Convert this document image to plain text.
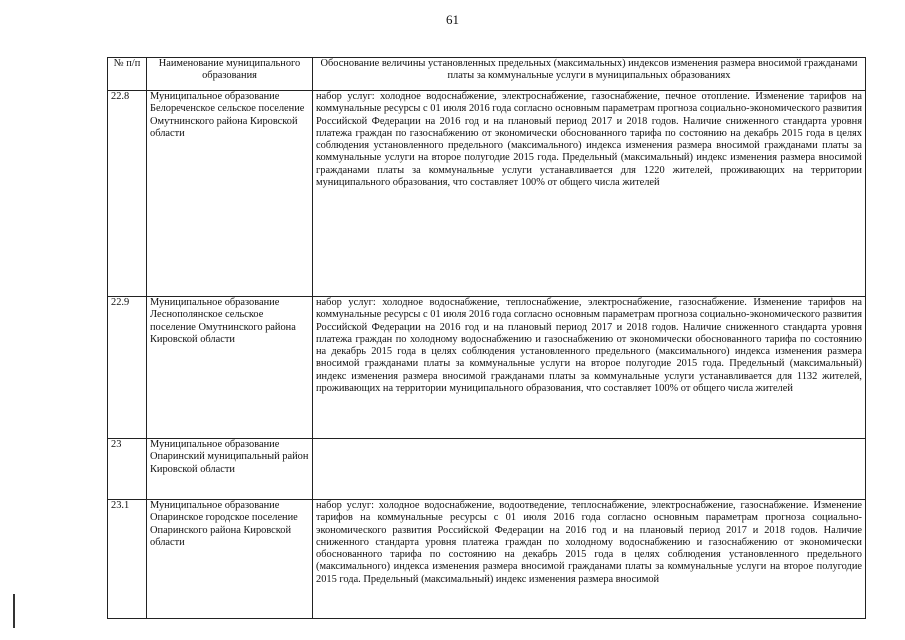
61
№ п/п	Наименование муниципального образования	Обоснование величины установленных предельных (максимальных) индексов изменения размера вносимой гражданами платы за коммунальные услуги в муниципальных образованиях
22.8	Муниципальное образование Белореченское сельское поселение Омутнинского района Кировской области	набор услуг: холодное водоснабжение, электроснабжение, газоснабжение, печное отопление. Изменение тарифов на коммунальные ресурсы с 01 июля 2016 года согласно основным параметрам прогноза социально-экономического развития Российской Федерации на 2016 год и на плановый период 2017 и 2018 годов. Наличие сниженного стандарта уровня платежа граждан по газоснабжению от экономически обоснованного тарифа по состоянию на декабрь 2015 года в целях соблюдения установленного предельного (максимального) индекса изменения размера вносимой гражданами платы за коммунальные услуги на второе полугодие 2015 года. Предельный (максимальный) индекс изменения размера вносимой гражданами платы за коммунальные услуги устанавливается для 1220 жителей, проживающих на территории муниципального образования, что составляет 100% от общего числа жителей
22.9	Муниципальное образование Леснополянское сельское поселение Омутнинского района Кировской области	набор услуг: холодное водоснабжение, теплоснабжение, электроснабжение, газоснабжение. Изменение тарифов на коммунальные ресурсы с 01 июля 2016 года согласно основным параметрам прогноза социально-экономического развития Российской Федерации на 2016 год и на плановый период 2017 и 2018 годов. Наличие сниженного стандарта уровня платежа граждан по холодному водоснабжению и газоснабжению от экономически обоснованного тарифа по состоянию на декабрь 2015 года в целях соблюдения установленного предельного (максимального) индекса изменения размера вносимой гражданами платы за коммунальные услуги на второе полугодие 2015 года. Предельный (максимальный) индекс изменения размера вносимой гражданами платы за коммунальные услуги устанавливается для 1132 жителей, проживающих на территории муниципального образования, что составляет 100% от общего числа жителей
23	Муниципальное образование Опаринский муниципальный район Кировской области	
23.1	Муниципальное образование Опаринское городское поселение Опаринского района Кировской области	набор услуг: холодное водоснабжение, водоотведение, теплоснабжение, электроснабжение, газоснабжение. Изменение тарифов на коммунальные ресурсы с 01 июля 2016 года согласно основным параметрам прогноза социально-экономического развития Российской Федерации на 2016 год и на плановый период 2017 и 2018 годов. Наличие сниженного стандарта уровня платежа граждан по холодному водоснабжению и газоснабжению от экономически обоснованного тарифа по состоянию на декабрь 2015 года в целях соблюдения установленного предельного (максимального) индекса изменения размера вносимой гражданами платы за коммунальные услуги на второе полугодие 2015 года. Предельный (максимальный) индекс изменения размера вносимой
